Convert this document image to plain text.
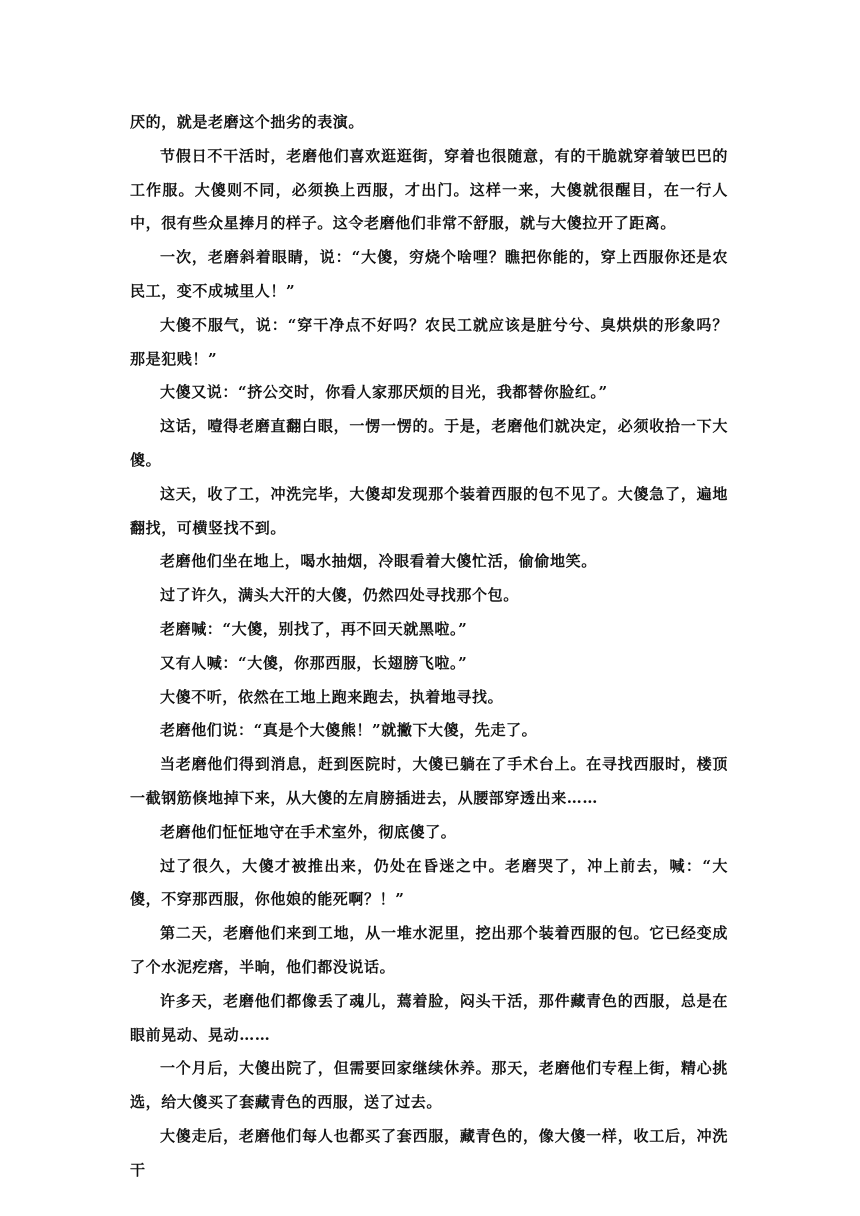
厌的，就是老磨这个拙劣的表演。

节假日不干活时，老磨他们喜欢逛逛街，穿着也很随意，有的干脆就穿着皱巴巴的工作服。大傻则不同，必须换上西服，才出门。这样一来，大傻就很醒目，在一行人中，很有些众星捧月的样子。这令老磨他们非常不舒服，就与大傻拉开了距离。

一次，老磨斜着眼睛，说：“大傻，穷烧个啥哩？瞧把你能的，穿上西服你还是农民工，变不成城里人！”

大傻不服气，说：“穿干净点不好吗？农民工就应该是脏兮兮、臭烘烘的形象吗？那是犯贱！”

大傻又说：“挤公交时，你看人家那厌烦的目光，我都替你脸红。”

这话，噎得老磨直翻白眼，一愣一愣的。于是，老磨他们就决定，必须收拾一下大傻。

这天，收了工，冲洗完毕，大傻却发现那个装着西服的包不见了。大傻急了，遍地翻找，可横竖找不到。

老磨他们坐在地上，喝水抽烟，冷眼看着大傻忙活，偷偷地笑。

过了许久，满头大汗的大傻，仍然四处寻找那个包。

老磨喊：“大傻，别找了，再不回天就黑啦。”

又有人喊：“大傻，你那西服，长翅膀飞啦。”

大傻不听，依然在工地上跑来跑去，执着地寻找。

老磨他们说：“真是个大傻熊！”就撇下大傻，先走了。

当老磨他们得到消息，赶到医院时，大傻已躺在了手术台上。在寻找西服时，楼顶一截钢筋倏地掉下来，从大傻的左肩膀插进去，从腰部穿透出来……

老磨他们怔怔地守在手术室外，彻底傻了。

过了很久，大傻才被推出来，仍处在昏迷之中。老磨哭了，冲上前去，喊：“大傻，不穿那西服，你他娘的能死啊？！”

第二天，老磨他们来到工地，从一堆水泥里，挖出那个装着西服的包。它已经变成了个水泥疙瘩，半晌，他们都没说话。

许多天，老磨他们都像丢了魂儿，蔫着脸，闷头干活，那件藏青色的西服，总是在眼前晃动、晃动……

一个月后，大傻出院了，但需要回家继续休养。那天，老磨他们专程上街，精心挑选，给大傻买了套藏青色的西服，送了过去。

大傻走后，老磨他们每人也都买了套西服，藏青色的，像大傻一样，收工后，冲洗干
